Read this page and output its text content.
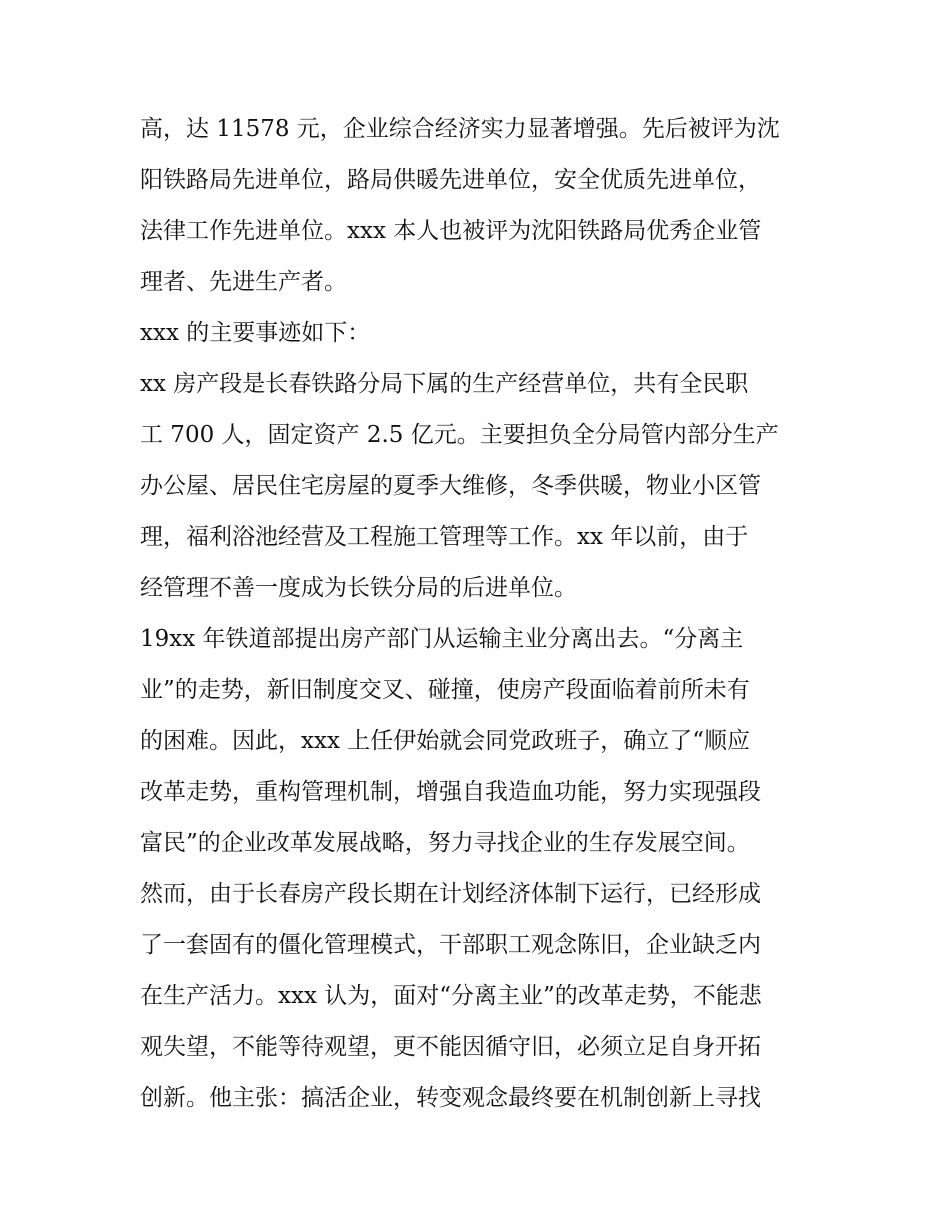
高，达 11578 元，企业综合经济实力显著增强。先后被评为沈
阳铁路局先进单位，路局供暖先进单位，安全优质先进单位，
法律工作先进单位。xxx 本人也被评为沈阳铁路局优秀企业管
理者、先进生产者。
xxx 的主要事迹如下：
xx 房产段是长春铁路分局下属的生产经营单位，共有全民职
工 700 人，固定资产 2.5 亿元。主要担负全分局管内部分生产
办公屋、居民住宅房屋的夏季大维修，冬季供暖，物业小区管
理，福利浴池经营及工程施工管理等工作。xx 年以前，由于
经管理不善一度成为长铁分局的后进单位。
19xx 年铁道部提出房产部门从运输主业分离出去。“分离主
业”的走势，新旧制度交叉、碰撞，使房产段面临着前所未有
的困难。因此，xxx 上任伊始就会同党政班子，确立了“顺应
改革走势，重构管理机制，增强自我造血功能，努力实现强段
富民”的企业改革发展战略，努力寻找企业的生存发展空间。
然而，由于长春房产段长期在计划经济体制下运行，已经形成
了一套固有的僵化管理模式，干部职工观念陈旧，企业缺乏内
在生产活力。xxx 认为，面对“分离主业”的改革走势，不能悲
观失望，不能等待观望，更不能因循守旧，必须立足自身开拓
创新。他主张：搞活企业，转变观念最终要在机制创新上寻找
